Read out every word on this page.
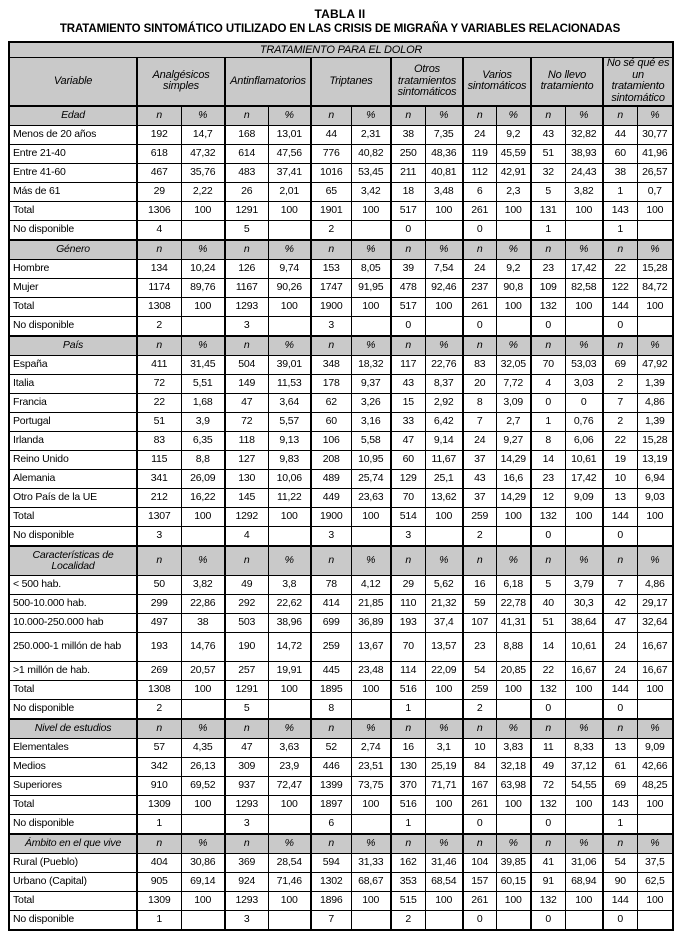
TABLA II
TRATAMIENTO SINTOMÁTICO UTILIZADO EN LAS CRISIS DE MIGRAÑA Y VARIABLES RELACIONADAS
TRATAMIENTO PARA EL DOLOR														
Variable	Analgésicos simples		Antinflamatorios		Triptanes		Otros tratamientos sintomáticos		Varios sintomáticos		No llevo tratamiento		No sé qué es un tratamiento sintomático	
Edad	n	%	n	%	n	%	n	%	n	%	n	%	n	%
Menos de 20 años	192	14,7	168	13,01	44	2,31	38	7,35	24	9,2	43	32,82	44	30,77
Entre 21-40	618	47,32	614	47,56	776	40,82	250	48,36	119	45,59	51	38,93	60	41,96
Entre 41-60	467	35,76	483	37,41	1016	53,45	211	40,81	112	42,91	32	24,43	38	26,57
Más de 61	29	2,22	26	2,01	65	3,42	18	3,48	6	2,3	5	3,82	1	0,7
Total	1306	100	1291	100	1901	100	517	100	261	100	131	100	143	100
No disponible	4		5		2		0		0		1		1	
Género	n	%	n	%	n	%	n	%	n	%	n	%	n	%
Hombre	134	10,24	126	9,74	153	8,05	39	7,54	24	9,2	23	17,42	22	15,28
Mujer	1174	89,76	1167	90,26	1747	91,95	478	92,46	237	90,8	109	82,58	122	84,72
Total	1308	100	1293	100	1900	100	517	100	261	100	132	100	144	100
No disponible	2		3		3		0		0		0		0	
País	n	%	n	%	n	%	n	%	n	%	n	%	n	%
España	411	31,45	504	39,01	348	18,32	117	22,76	83	32,05	70	53,03	69	47,92
Italia	72	5,51	149	11,53	178	9,37	43	8,37	20	7,72	4	3,03	2	1,39
Francia	22	1,68	47	3,64	62	3,26	15	2,92	8	3,09	0	0	7	4,86
Portugal	51	3,9	72	5,57	60	3,16	33	6,42	7	2,7	1	0,76	2	1,39
Irlanda	83	6,35	118	9,13	106	5,58	47	9,14	24	9,27	8	6,06	22	15,28
Reino Unido	115	8,8	127	9,83	208	10,95	60	11,67	37	14,29	14	10,61	19	13,19
Alemania	341	26,09	130	10,06	489	25,74	129	25,1	43	16,6	23	17,42	10	6,94
Otro País de la UE	212	16,22	145	11,22	449	23,63	70	13,62	37	14,29	12	9,09	13	9,03
Total	1307	100	1292	100	1900	100	514	100	259	100	132	100	144	100
No disponible	3		4		3		3		2		0		0	
Características de Localidad	n	%	n	%	n	%	n	%	n	%	n	%	n	%
< 500 hab.	50	3,82	49	3,8	78	4,12	29	5,62	16	6,18	5	3,79	7	4,86
500-10.000 hab.	299	22,86	292	22,62	414	21,85	110	21,32	59	22,78	40	30,3	42	29,17
10.000-250.000 hab	497	38	503	38,96	699	36,89	193	37,4	107	41,31	51	38,64	47	32,64
250.000-1 millón de hab	193	14,76	190	14,72	259	13,67	70	13,57	23	8,88	14	10,61	24	16,67
>1 millón de hab.	269	20,57	257	19,91	445	23,48	114	22,09	54	20,85	22	16,67	24	16,67
Total	1308	100	1291	100	1895	100	516	100	259	100	132	100	144	100
No disponible	2		5		8		1		2		0		0	
Nivel de estudios	n	%	n	%	n	%	n	%	n	%	n	%	n	%
Elementales	57	4,35	47	3,63	52	2,74	16	3,1	10	3,83	11	8,33	13	9,09
Medios	342	26,13	309	23,9	446	23,51	130	25,19	84	32,18	49	37,12	61	42,66
Superiores	910	69,52	937	72,47	1399	73,75	370	71,71	167	63,98	72	54,55	69	48,25
Total	1309	100	1293	100	1897	100	516	100	261	100	132	100	143	100
No disponible	1		3		6		1		0		0		1	
Ámbito en el que vive	n	%	n	%	n	%	n	%	n	%	n	%	n	%
Rural (Pueblo)	404	30,86	369	28,54	594	31,33	162	31,46	104	39,85	41	31,06	54	37,5
Urbano (Capital)	905	69,14	924	71,46	1302	68,67	353	68,54	157	60,15	91	68,94	90	62,5
Total	1309	100	1293	100	1896	100	515	100	261	100	132	100	144	100
No disponible	1		3		7		2		0		0		0	
